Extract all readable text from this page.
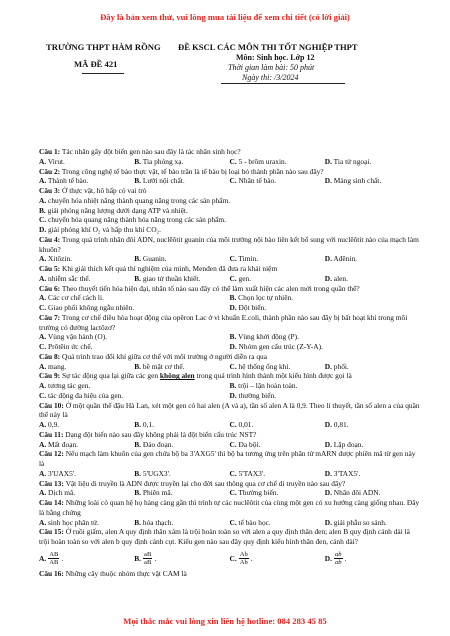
Đây là bản xem thử, vui lòng mua tài liệu để xem chi tiết (có lời giải)
TRƯỜNG THPT HÀM RỒNG
MÃ ĐỀ 421
ĐỀ KSCL CÁC MÔN THI TỐT NGHIỆP THPT
Môn: Sinh học. Lớp 12
Thời gian làm bài: 50 phút
Ngày thi: /3/2024
Câu 1: Tác nhân gây đột biến gen nào sau đây là tác nhân sinh học?
A. Virut.	B. Tia phóng xạ.	C. 5 - brôm uraxin.	D. Tia tử ngoại.
Câu 2: Trong công nghệ tế bào thực vật, tế bào trần là tế bào bị loại bỏ thành phần nào sau đây?
A. Thành tế bào.	B. Lưới nội chất.	C. Nhân tế bào.	D. Màng sinh chất.
Câu 3: Ở thực vật, hô hấp có vai trò
A. chuyển hóa nhiệt năng thành quang năng trong các sản phẩm.
B. giải phóng năng lượng dưới dạng ATP và nhiệt.
C. chuyển hóa quang năng thành hóa năng trong các sản phẩm.
D. giải phóng khí O₂ và hấp thu khí CO₂.
Câu 4: Trong quá trình nhân đôi ADN, nuclêôtit guanin của môi trường nội bào liên kết bổ sung với nuclêôtit nào của mạch làm khuôn?
A. Xitôzin.	B. Guanin.	C. Timin.	D. Ađênin.
Câu 5: Khi giải thích kết quả thí nghiệm của mình, Menđen đã đưa ra khái niệm
A. nhiễm sắc thể.	B. giao tử thuần khiết.	C. gen.	D. alen.
Câu 6: Theo thuyết tiến hóa hiện đại, nhân tố nào sau đây có thể làm xuất hiện các alen mới trong quần thể?
A. Các cơ chế cách li.	B. Chọn lọc tự nhiên.
C. Giao phối không ngẫu nhiên.	D. Đột biến.
Câu 7: Trong cơ chế điều hòa hoạt động của opêron Lac ở vi khuẩn E.coli, thành phần nào sau đây bị bất hoạt khi trong môi trường có đường lactôzơ?
A. Vùng vận hành (O).	B. Vùng khởi động (P).
C. Prôtêin ức chế.	D. Nhóm gen cấu trúc (Z-Y-A).
Câu 8: Quá trình trao đổi khí giữa cơ thể với môi trường ở người diễn ra qua
A. mang.	B. bề mặt cơ thể.	C. hệ thống ống khí.	D. phổi.
Câu 9: Sự tác động qua lại giữa các gen không alen trong quá trình hình thành một kiểu hình được gọi là
A. tương tác gen.	B. trội – lặn hoàn toàn.
C. tác động đa hiệu của gen.	D. thường biến.
Câu 10: Ở một quần thể đậu Hà Lan, xét một gen có hai alen (A và a), tần số alen A là 0,9. Theo lí thuyết, tần số alen a của quần thể này là
A. 0,9.	B. 0,1.	C. 0,01.	D. 0,81.
Câu 11: Dạng đột biến nào sau đây không phải là đột biến cấu trúc NST?
A. Mất đoạn.	B. Đảo đoạn.	C. Đa bội.	D. Lặp đoạn.
Câu 12: Nếu mạch làm khuôn của gen chứa bộ ba 3'AXG5' thì bộ ba tương ứng trên phân tử mARN được phiên mã từ gen này là
A. 3'UAX5'.	B. 5'UGX3'.	C. 5'TAX3'.	D. 3'TAX5'.
Câu 13: Vật liệu di truyền là ADN được truyền lại cho đời sau thông qua cơ chế di truyền nào sau đây?
A. Dịch mã.	B. Phiên mã.	C. Thường biến.	D. Nhân đôi ADN.
Câu 14: Những loài có quan hệ họ hàng càng gần thì trình tự các nuclêôtit của cùng một gen có xu hướng càng giống nhau. Đây là bằng chứng
A. sinh học phân tử.	B. hóa thạch.	C. tế bào học.	D. giải phẫu so sánh.
Câu 15: Ở ruồi giấm, alen A quy định thân xám là trội hoàn toàn so với alen a quy định thân đen; alen B quy định cánh dài là trội hoàn toàn so với alen b quy định cánh cụt. Kiểu gen nào sau đây quy định kiểu hình thân đen, cánh dài?
A. $\frac{AB}{AB}$ .	B. $\frac{aB}{aB}$ .	C. $\frac{Ab}{Ab}$ .	D. $\frac{ab}{ab}$ .
Câu 16: Những cây thuộc nhóm thực vật CAM là
Mọi thắc mắc vui lòng xin liên hệ hotline: 084 283 45 85
